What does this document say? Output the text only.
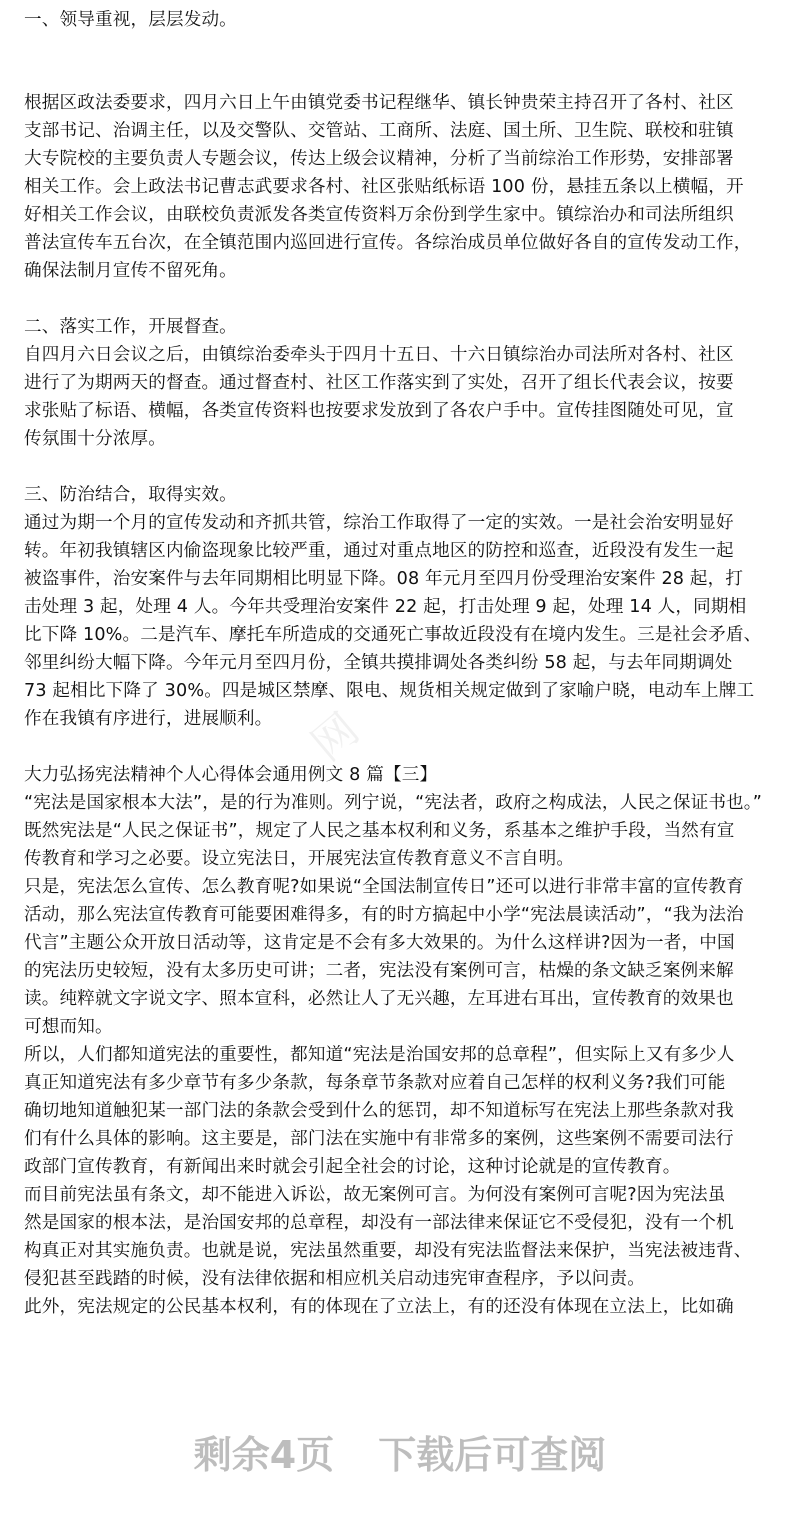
网
一、领导重视，层层发动。
根据区政法委要求，四月六日上午由镇党委书记程继华、镇长钟贵荣主持召开了各村、社区
支部书记、治调主任，以及交警队、交管站、工商所、法庭、国土所、卫生院、联校和驻镇
大专院校的主要负责人专题会议，传达上级会议精神，分析了当前综治工作形势，安排部署
相关工作。会上政法书记曹志武要求各村、社区张贴纸标语 100 份，悬挂五条以上横幅，开
好相关工作会议，由联校负责派发各类宣传资料万余份到学生家中。镇综治办和司法所组织
普法宣传车五台次，在全镇范围内巡回进行宣传。各综治成员单位做好各自的宣传发动工作，
确保法制月宣传不留死角。
二、落实工作，开展督查。
自四月六日会议之后，由镇综治委牵头于四月十五日、十六日镇综治办司法所对各村、社区
进行了为期两天的督查。通过督查村、社区工作落实到了实处，召开了组长代表会议，按要
求张贴了标语、横幅，各类宣传资料也按要求发放到了各农户手中。宣传挂图随处可见，宣
传氛围十分浓厚。
三、防治结合，取得实效。
通过为期一个月的宣传发动和齐抓共管，综治工作取得了一定的实效。一是社会治安明显好
转。年初我镇辖区内偷盗现象比较严重，通过对重点地区的防控和巡查，近段没有发生一起
被盗事件，治安案件与去年同期相比明显下降。08 年元月至四月份受理治安案件 28 起，打
击处理 3 起，处理 4 人。今年共受理治安案件 22 起，打击处理 9 起，处理 14 人，同期相
比下降 10%。二是汽车、摩托车所造成的交通死亡事故近段没有在境内发生。三是社会矛盾、
邻里纠纷大幅下降。今年元月至四月份，全镇共摸排调处各类纠纷 58 起，与去年同期调处
73 起相比下降了 30%。四是城区禁摩、限电、规货相关规定做到了家喻户晓，电动车上牌工
作在我镇有序进行，进展顺利。
大力弘扬宪法精神个人心得体会通用例文 8 篇【三】
“宪法是国家根本大法”，是的行为准则。列宁说，“宪法者，政府之构成法，人民之保证书也。”
既然宪法是“人民之保证书”，规定了人民之基本权利和义务，系基本之维护手段，当然有宣
传教育和学习之必要。设立宪法日，开展宪法宣传教育意义不言自明。
只是，宪法怎么宣传、怎么教育呢?如果说“全国法制宣传日”还可以进行非常丰富的宣传教育
活动，那么宪法宣传教育可能要困难得多，有的时方搞起中小学“宪法晨读活动”，“我为法治
代言”主题公众开放日活动等，这肯定是不会有多大效果的。为什么这样讲?因为一者，中国
的宪法历史较短，没有太多历史可讲；二者，宪法没有案例可言，枯燥的条文缺乏案例来解
读。纯粹就文字说文字、照本宣科，必然让人了无兴趣，左耳进右耳出，宣传教育的效果也
可想而知。
所以，人们都知道宪法的重要性，都知道“宪法是治国安邦的总章程”，但实际上又有多少人
真正知道宪法有多少章节有多少条款，每条章节条款对应着自己怎样的权利义务?我们可能
确切地知道触犯某一部门法的条款会受到什么的惩罚，却不知道标写在宪法上那些条款对我
们有什么具体的影响。这主要是，部门法在实施中有非常多的案例，这些案例不需要司法行
政部门宣传教育，有新闻出来时就会引起全社会的讨论，这种讨论就是的宣传教育。
而目前宪法虽有条文，却不能进入诉讼，故无案例可言。为何没有案例可言呢?因为宪法虽
然是国家的根本法，是治国安邦的总章程，却没有一部法律来保证它不受侵犯，没有一个机
构真正对其实施负责。也就是说，宪法虽然重要，却没有宪法监督法来保护，当宪法被违背、
侵犯甚至践踏的时候，没有法律依据和相应机关启动违宪审查程序，予以问责。
此外，宪法规定的公民基本权利，有的体现在了立法上，有的还没有体现在立法上，比如确
剩余4页 下载后可查阅
